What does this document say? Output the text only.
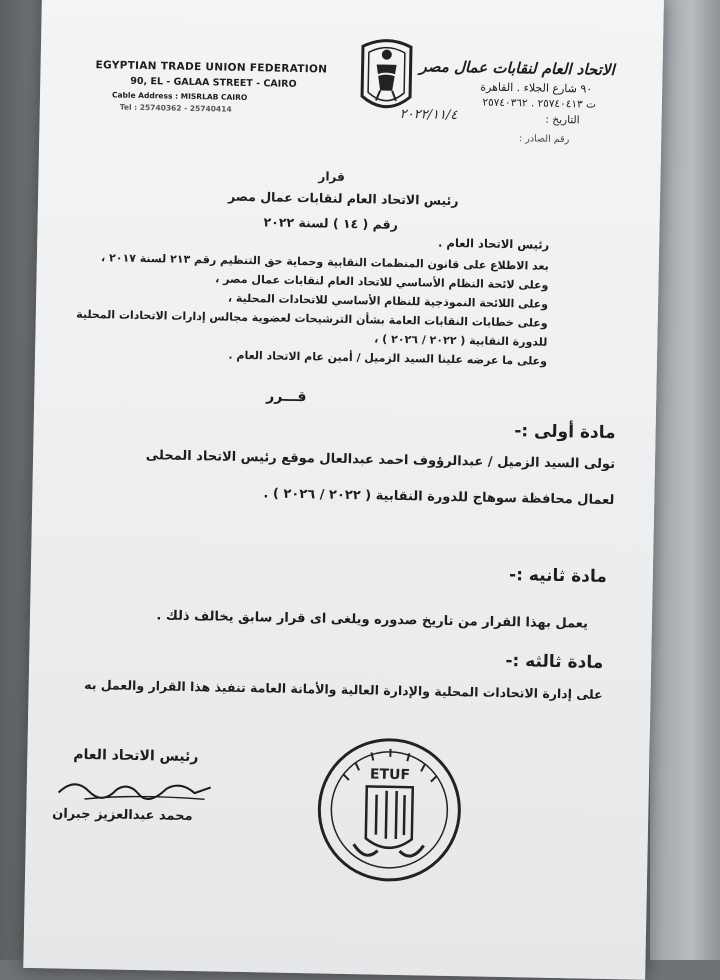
EGYPTIAN TRADE UNION FEDERATION
90, EL - GALAA STREET - CAIRO
Cable Address : MISRLAB CAIRO
Tel : 25740362 - 25740414
الاتحاد العام لنقابات عمال مصر
٩٠ شارع الجلاء . القاهرة
ت ٢٥٧٤٠٤١٣ . ٢٥٧٤٠٣٦٢
التاريخ :
٢٠٢٢/١١/٤
رقم الصادر :
قرار
رئيس الاتحاد العام لنقابات عمال مصر
رقم ( ١٤ ) لسنة ٢٠٢٢
رئيس الاتحاد العام .
بعد الاطلاع على قانون المنظمات النقابية وحماية حق التنظيم رقم ٢١٣ لسنة ٢٠١٧ ،
وعلى لائحة النظام الأساسي للاتحاد العام لنقابات عمال مصر ،
وعلى اللائحة النموذجية للنظام الأساسي للاتحادات المحلية ،
وعلى خطابات النقابات العامة بشأن الترشيحات لعضوية مجالس إدارات الاتحادات المحلية
للدورة النقابية ( ٢٠٢٢ / ٢٠٢٦ ) ،
وعلى ما عرضه علينا السيد الزميل / أمين عام الاتحاد العام .
قـــرر
مادة أولى :-
تولى السيد الزميل / عبدالرؤوف احمد عبدالعال موقع رئيس الاتحاد المحلى
لعمال محافظة سوهاج للدورة النقابية ( ٢٠٢٢ / ٢٠٢٦ ) .
مادة ثانيه :-
يعمل بهذا القرار من تاريخ صدوره ويلغى اى قرار سابق يخالف ذلك .
مادة ثالثه :-
على إدارة الاتحادات المحلية والإدارة العالية والأمانة العامة تنفيذ هذا القرار والعمل به
رئيس الاتحاد العام
محمد عبدالعزيز جبران
ETUF
